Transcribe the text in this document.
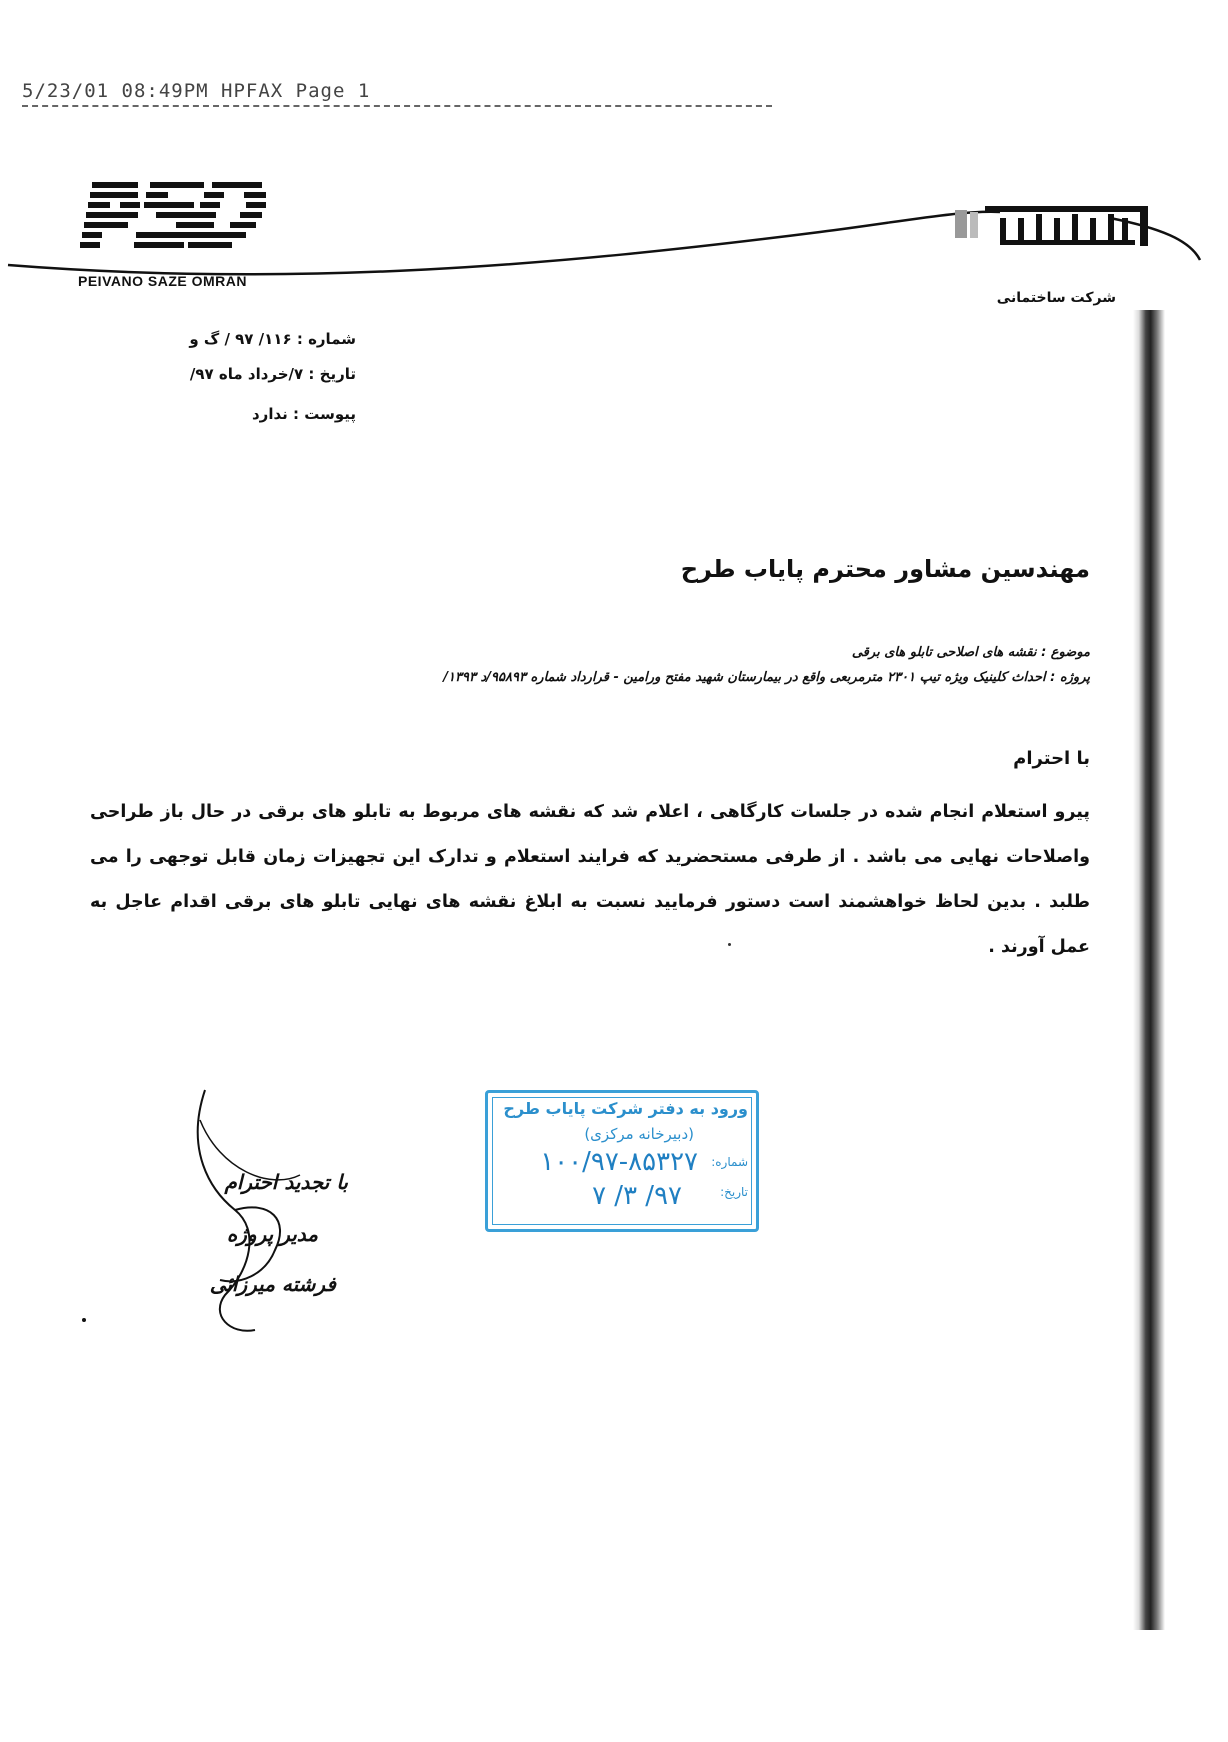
5/23/01 08:49PM HPFAX Page 1
PEIVANO SAZE OMRAN
شرکت ساختمانی
شماره : ۱۱۶/ ۹۷ / گ و
تاریخ : ۷/خرداد ماه ۹۷/
پیوست : ندارد
مهندسین مشاور محترم پایاب طرح
موضوع : نقشه های اصلاحی تابلو های برقی
پروژه : احداث کلینیک ویژه تیپ ۲۳۰۱ مترمربعی واقع در بیمارستان شهید مفتح ورامین - قرارداد شماره ۹۵۸۹۳/د ۱۳۹۳/
با احترام
پیرو استعلام انجام شده در جلسات کارگاهی ، اعلام شد که نقشه های مربوط به تابلو های برقی در حال باز طراحی واصلاحات نهایی می باشد . از طرفی مستحضرید که فرایند استعلام و تدارک این تجهیزات زمان قابل توجهی را می طلبد . بدین لحاظ خواهشمند است دستور فرمایید نسبت به ابلاغ نقشه های نهایی تابلو های برقی اقدام عاجل به عمل آورند .
ورود به دفتر شرکت پایاب طرح
(دبیرخانه مرکزی)
شماره:
۱۰۰/۹۷-۸۵۳۲۷
تاریخ:
۹۷/ ۳/ ۷
با تجدید احترام
مدیر پروژه
فرشته میرزائی
